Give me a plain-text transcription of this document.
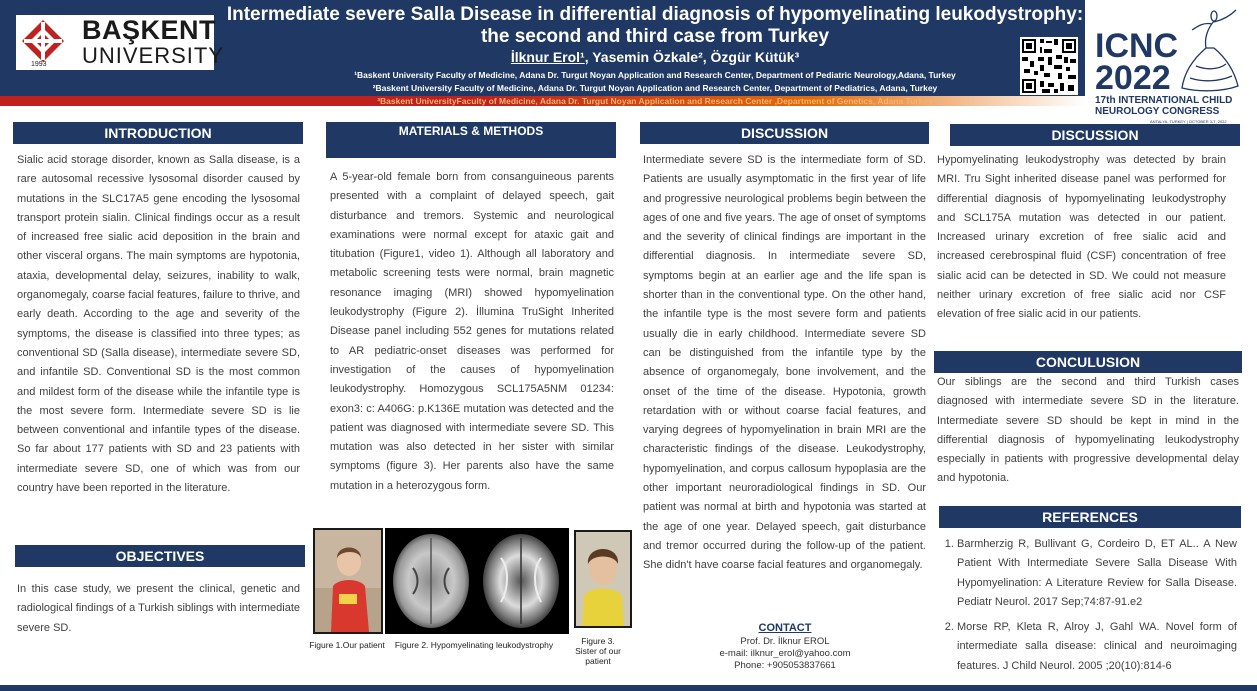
1993
BAŞKENT
UNIVERSITY
Intermediate severe Salla Disease in differential diagnosis of hypomyelinating leukodystrophy:
the second and third case from Turkey
İlknur Erol¹, Yasemin Özkale², Özgür Kütük³
¹Baskent University Faculty of Medicine, Adana Dr. Turgut Noyan Application and Research Center, Department of Pediatric Neurology,Adana, Turkey
²Baskent University Faculty of Medicine, Adana Dr. Turgut Noyan Application and Research Center, Department of Pediatrics, Adana, Turkey
³Baskent UniversityFaculty of Medicine, Adana Dr. Turgut Noyan Application and Research Center ,Department of Genetics, Adana Turkey
ICNC
2022
17th INTERNATIONAL CHILD
NEUROLOGY CONGRESS
ANTALYA, TURKEY | OCTOBER 3-7, 2022
INTRODUCTION
Sialic acid storage disorder, known as Salla disease, is a rare autosomal recessive lysosomal disorder caused by mutations in the SLC17A5 gene encoding the lysosomal transport protein sialin. Clinical findings occur as a result of increased free sialic acid deposition in the brain and other visceral organs. The main symptoms are hypotonia, ataxia, developmental delay, seizures, inability to walk, organomegaly, coarse facial features, failure to thrive, and early death. According to the age and severity of the symptoms, the disease is classified into three types; as conventional SD (Salla disease), intermediate severe SD, and infantile SD. Conventional SD is the most common and mildest form of the disease while the infantile type is the most severe form. Intermediate severe SD is lie between conventional and infantile types of the disease. So far about 177 patients with SD and 23 patients with intermediate severe SD, one of which was from our country have been reported in the literature.
OBJECTIVES
In this case study, we present the clinical, genetic and radiological findings of a Turkish siblings with intermediate severe SD.
MATERIALS & METHODS
A 5-year-old female born from consanguineous parents presented with a complaint of delayed speech, gait disturbance and tremors. Systemic and neurological examinations were normal except for ataxic gait and titubation (Figure1, video 1). Although all laboratory and metabolic screening tests were normal, brain magnetic resonance imaging (MRI) showed hypomyelination leukodystrophy (Figure 2). İllumina TruSight Inherited Disease panel including 552 genes for mutations related to AR pediatric-onset diseases was performed for investigation of the causes of hypomyelination leukodystrophy. Homozygous SCL175A5NM 01234: exon3: c: A406G: p.K136E mutation was detected and the patient was diagnosed with intermediate severe SD. This mutation was also detected in her sister with similar symptoms (figure 3). Her parents also have the same mutation in a heterozygous form.
Figure 1.Our patient	Figure 2. Hypomyelinating leukodystrophy	Figure 3.
Sister of our
patient
DISCUSSION
Intermediate severe SD is the intermediate form of SD. Patients are usually asymptomatic in the first year of life and progressive neurological problems begin between the ages of one and five years. The age of onset of symptoms and the severity of clinical findings are important in the differential diagnosis. In intermediate severe SD, symptoms begin at an earlier age and the life span is shorter than in the conventional type. On the other hand, the infantile type is the most severe form and patients usually die in early childhood. Intermediate severe SD can be distinguished from the infantile type by the absence of organomegaly, bone involvement, and the onset of the time of the disease. Hypotonia, growth retardation with or without coarse facial features, and varying degrees of hypomyelination in brain MRI are the characteristic findings of the disease. Leukodystrophy, hypomyelination, and corpus callosum hypoplasia are the other important neuroradiological findings in SD. Our patient was normal at birth and hypotonia was started at the age of one year. Delayed speech, gait disturbance and tremor occurred during the follow-up of the patient. She didn't have coarse facial features and organomegaly.
CONTACT
Prof. Dr. İlknur EROL
e-mail: ilknur_erol@yahoo.com
Phone: +905053837661
DISCUSSION
Hypomyelinating leukodystrophy was detected by brain MRI. Tru Sight inherited disease panel was performed for differential diagnosis of hypomyelinating leukodystrophy and SCL175A mutation was detected in our patient. Increased urinary excretion of free sialic acid and increased cerebrospinal fluid (CSF) concentration of free sialic acid can be detected in SD. We could not measure neither urinary excretion of free sialic acid nor CSF elevation of free sialic acid in our patients.
CONCULUSION
Our siblings are the second and third Turkish cases diagnosed with intermediate severe SD in the literature. Intermediate severe SD should be kept in mind in the differential diagnosis of hypomyelinating leukodystrophy especially in patients with progressive developmental delay and hypotonia.
REFERENCES
1. Barmherzig R, Bullivant G, Cordeiro D, ET AL.. A New Patient With Intermediate Severe Salla Disease With Hypomyelination: A Literature Review for Salla Disease. Pediatr Neurol. 2017 Sep;74:87-91.e2
2. Morse RP, Kleta R, Alroy J, Gahl WA. Novel form of intermediate salla disease: clinical and neuroimaging features. J Child Neurol. 2005 ;20(10):814-6
